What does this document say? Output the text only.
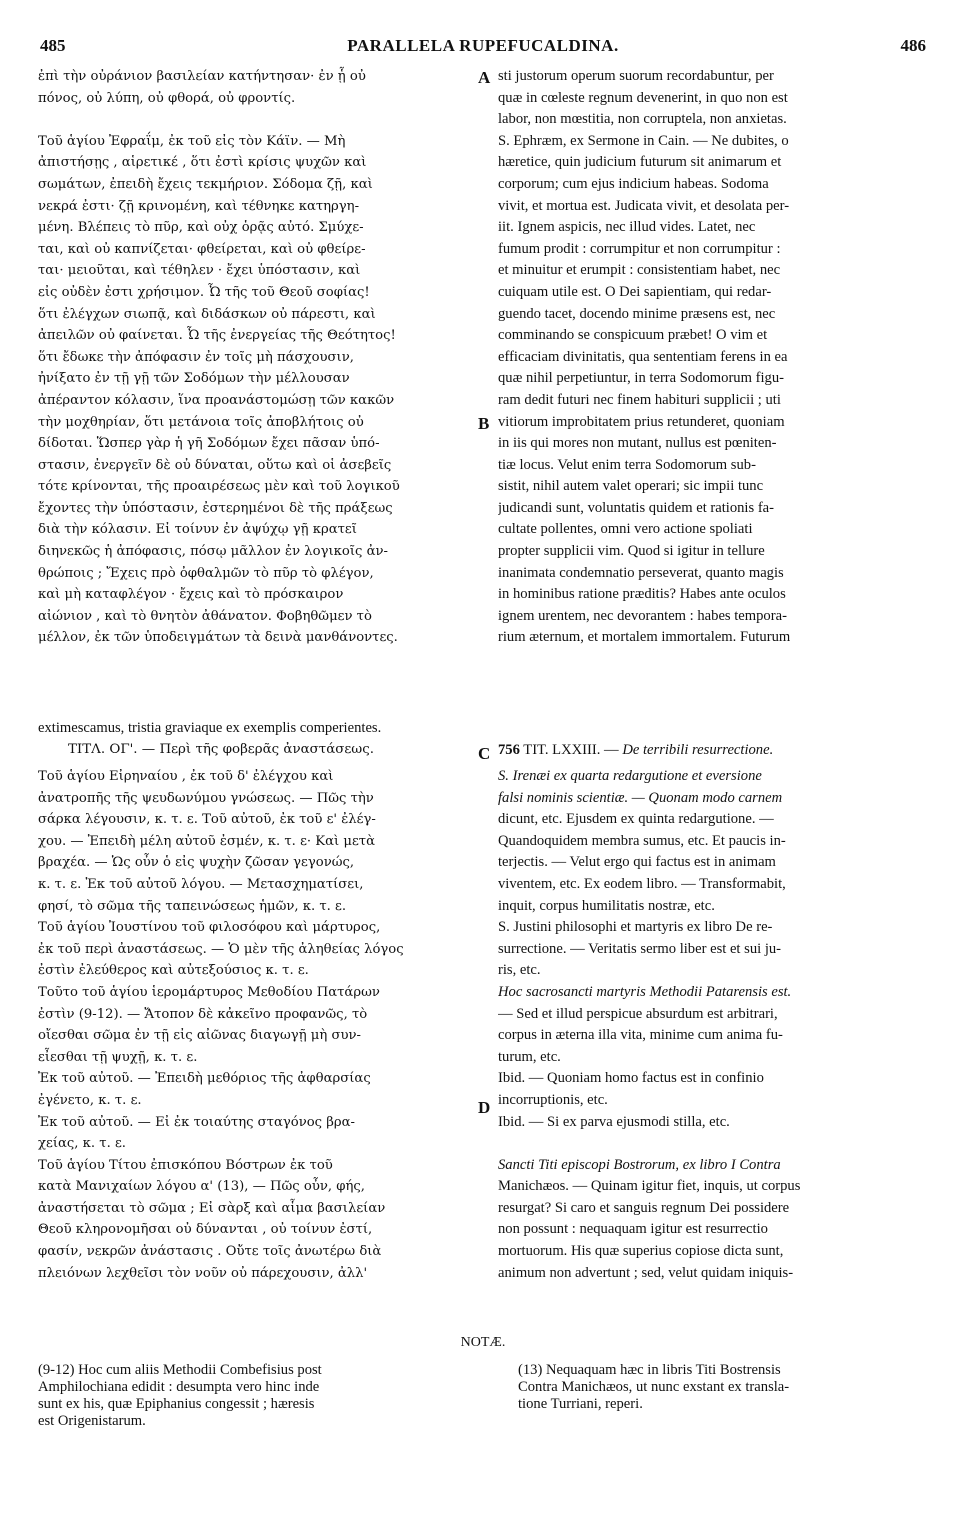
485	PARALLELA RUPEFUCALDINA.	486
ἐπὶ τὴν οὐράνιον βασιλείαν κατήντησαν· ἐν ᾗ οὐ
πόνος, οὐ λύπη, οὐ φθορά, οὐ φροντίς.
Τοῦ ἁγίου Ἐφραΐμ, ἐκ τοῦ εἰς τὸν Κάϊν. — Μὴ
ἀπιστήσῃς , αἱρετικέ , ὅτι ἐστὶ κρίσις ψυχῶν καὶ
σωμάτων, ἐπειδὴ ἔχεις τεκμήριον. Σόδομα ζῇ, καὶ
νεκρά ἐστι· ζῇ κρινομένη, καὶ τέθνηκε κατηργη-
μένη. Βλέπεις τὸ πῦρ, καὶ οὐχ ὁρᾷς αὐτό. Σμύχε-
ται, καὶ οὐ καπνίζεται· φθείρεται, καὶ οὐ φθείρε-
ται· μειοῦται, καὶ τέθηλεν · ἔχει ὑπόστασιν, καὶ
εἰς οὐδὲν ἐστι χρήσιμον. Ὦ τῆς τοῦ Θεοῦ σοφίας!
ὅτι ἐλέγχων σιωπᾷ, καὶ διδάσκων οὐ πάρεστι, καὶ
ἀπειλῶν οὐ φαίνεται. Ὦ τῆς ἐνεργείας τῆς Θεότητος!
ὅτι ἔδωκε τὴν ἀπόφασιν ἐν τοῖς μὴ πάσχουσιν,
ἠνίξατο ἐν τῇ γῇ τῶν Σοδόμων τὴν μέλλουσαν
ἀπέραντον κόλασιν, ἵνα προανάστομώσῃ τῶν κακῶν
τὴν μοχθηρίαν, ὅτι μετάνοια τοῖς ἀποβλήτοις οὐ
δίδοται. Ὥσπερ γὰρ ἡ γῆ Σοδόμων ἔχει πᾶσαν ὑπό-
στασιν, ἐνεργεῖν δὲ οὐ δύναται, οὕτω καὶ οἱ ἀσεβεῖς
τότε κρίνονται, τῆς προαιρέσεως μὲν καὶ τοῦ λογικοῦ
ἔχοντες τὴν ὑπόστασιν, ἐστερημένοι δὲ τῆς πράξεως
διὰ τὴν κόλασιν. Εἰ τοίνυν ἐν ἀψύχῳ γῇ κρατεῖ
διηνεκῶς ἡ ἀπόφασις, πόσῳ μᾶλλον ἐν λογικοῖς ἀν-
θρώποις ; Ἔχεις πρὸ ὀφθαλμῶν τὸ πῦρ τὸ φλέγον,
καὶ μὴ καταφλέγον · ἔχεις καὶ τὸ πρόσκαιρον
αἰώνιον , καὶ τὸ θνητὸν ἀθάνατον. Φοβηθῶμεν τὸ
μέλλον, ἐκ τῶν ὑποδειγμάτων τὰ δεινὰ μανθάνοντες.
sti justorum operum suorum recordabuntur, per
quæ in cœleste regnum devenerint, in quo non est
labor, non mœstitia, non corruptela, non anxietas.
S. Ephræm, ex Sermone in Cain. — Ne dubites, o
hæretice, quin judicium futurum sit animarum et
corporum; cum ejus indicium habeas. Sodoma
vivit, et mortua est. Judicata vivit, et desolata per-
iit. Ignem aspicis, nec illud vides. Latet, nec
fumum prodit : corrumpitur et non corrumpitur :
et minuitur et erumpit : consistentiam habet, nec
cuiquam utile est. O Dei sapientiam, qui redar-
guendo tacet, docendo minime præsens est, nec
comminando se conspicuum præbet! O vim et
efficaciam divinitatis, qua sententiam ferens in ea
quæ nihil perpetiuntur, in terra Sodomorum figu-
ram dedit futuri nec finem habituri supplicii ; uti
vitiorum improbitatem prius retunderet, quoniam
in iis qui mores non mutant, nullus est pœniten-
tiæ locus. Velut enim terra Sodomorum sub-
sistit, nihil autem valet operari; sic impii tunc
judicandi sunt, voluntatis quidem et rationis fa-
cultate pollentes, omni vero actione spoliati
propter supplicii vim. Quod si igitur in tellure
inanimata condemnatio perseverat, quanto magis
in hominibus ratione præditis? Habes ante oculos
ignem urentem, nec devorantem : habes tempora-
rium æternum, et mortalem immortalem. Futurum
A
B
C
D
extimescamus, tristia graviaque ex exemplis comperientes.
ΤΙΤΛ. ΟΓ'. — Περὶ τῆς φοβερᾶς ἀναστάσεως.	756 TIT. LXXIII. — De terribili resurrectione.
Τοῦ ἁγίου Εἰρηναίου , ἐκ τοῦ δ' ἐλέγχου καὶ
ἀνατροπῆς τῆς ψευδωνύμου γνώσεως. — Πῶς τὴν
σάρκα λέγουσιν, κ. τ. ε. Τοῦ αὐτοῦ, ἐκ τοῦ ε' ἐλέγ-
χου. — Ἐπειδὴ μέλη αὐτοῦ ἐσμέν, κ. τ. ε· Καὶ μετὰ
βραχέα. — Ὡς οὖν ὁ εἰς ψυχὴν ζῶσαν γεγονώς,
κ. τ. ε. Ἐκ τοῦ αὐτοῦ λόγου. — Μετασχηματίσει,
φησί, τὸ σῶμα τῆς ταπεινώσεως ἡμῶν, κ. τ. ε.
Τοῦ ἁγίου Ἰουστίνου τοῦ φιλοσόφου καὶ μάρτυρος,
ἐκ τοῦ περὶ ἀναστάσεως. — Ὁ μὲν τῆς ἀληθείας λόγος
ἐστὶν ἐλεύθερος καὶ αὐτεξούσιος κ. τ. ε.
Τοῦτο τοῦ ἁγίου ἱερομάρτυρος Μεθοδίου Πατάρων
ἐστὶν (9-12). — Ἄτοπον δὲ κἀκεῖνο προφανῶς, τὸ
οἴεσθαι σῶμα ἐν τῇ εἰς αἰῶνας διαγωγῇ μὴ συν-
εἶεσθαι τῇ ψυχῇ, κ. τ. ε.
Ἐκ τοῦ αὐτοῦ. — Ἐπειδὴ μεθόριος τῆς ἀφθαρσίας
ἐγένετο, κ. τ. ε.
Ἐκ τοῦ αὐτοῦ. — Εἰ ἐκ τοιαύτης σταγόνος βρα-
χείας, κ. τ. ε.
Τοῦ ἁγίου Τίτου ἐπισκόπου Βόστρων ἐκ τοῦ
κατὰ Μανιχαίων λόγου α' (13), — Πῶς οὖν, φής,
ἀναστήσεται τὸ σῶμα ; Εἰ σὰρξ καὶ αἷμα βασιλείαν
Θεοῦ κληρονομῆσαι οὐ δύνανται , οὐ τοίνυν ἐστί,
φασίν, νεκρῶν ἀνάστασις . Οὔτε τοῖς ἀνωτέρω διὰ
πλειόνων λεχθεῖσι τὸν νοῦν οὐ πάρεχουσιν, ἀλλ'
S. Irenæi ex quarta redargutione et eversione
falsi nominis scientiæ. — Quonam modo carnem
dicunt, etc. Ejusdem ex quinta redargutione. —
Quandoquidem membra sumus, etc. Et paucis in-
terjectis. — Velut ergo qui factus est in animam
viventem, etc. Ex eodem libro. — Transformabit,
inquit, corpus humilitatis nostræ, etc.
S. Justini philosophi et martyris ex libro De re-
surrectione. — Veritatis sermo liber est et sui ju-
ris, etc.
Hoc sacrosancti martyris Methodii Patarensis est.
— Sed et illud perspicue absurdum est arbitrari,
corpus in æterna illa vita, minime cum anima fu-
turum, etc.
Ibid. — Quoniam homo factus est in confinio
incorruptionis, etc.
Ibid. — Si ex parva ejusmodi stilla, etc.
Sancti Titi episcopi Bostrorum, ex libro I Contra
Manichæos. — Quinam igitur fiet, inquis, ut corpus
resurgat? Si caro et sanguis regnum Dei possidere
non possunt : nequaquam igitur est resurrectio
mortuorum. His quæ superius copiose dicta sunt,
animum non advertunt ; sed, velut quidam iniquis-
NOTÆ.
(9-12) Hoc cum aliis Methodii Combefisius post
Amphilochiana edidit : desumpta vero hinc inde
sunt ex his, quæ Epiphanius congessit ; hæresis
est Origenistarum.
(13) Nequaquam hæc in libris Titi Bostrensis
Contra Manichæos, ut nunc exstant ex transla-
tione Turriani, reperi.
